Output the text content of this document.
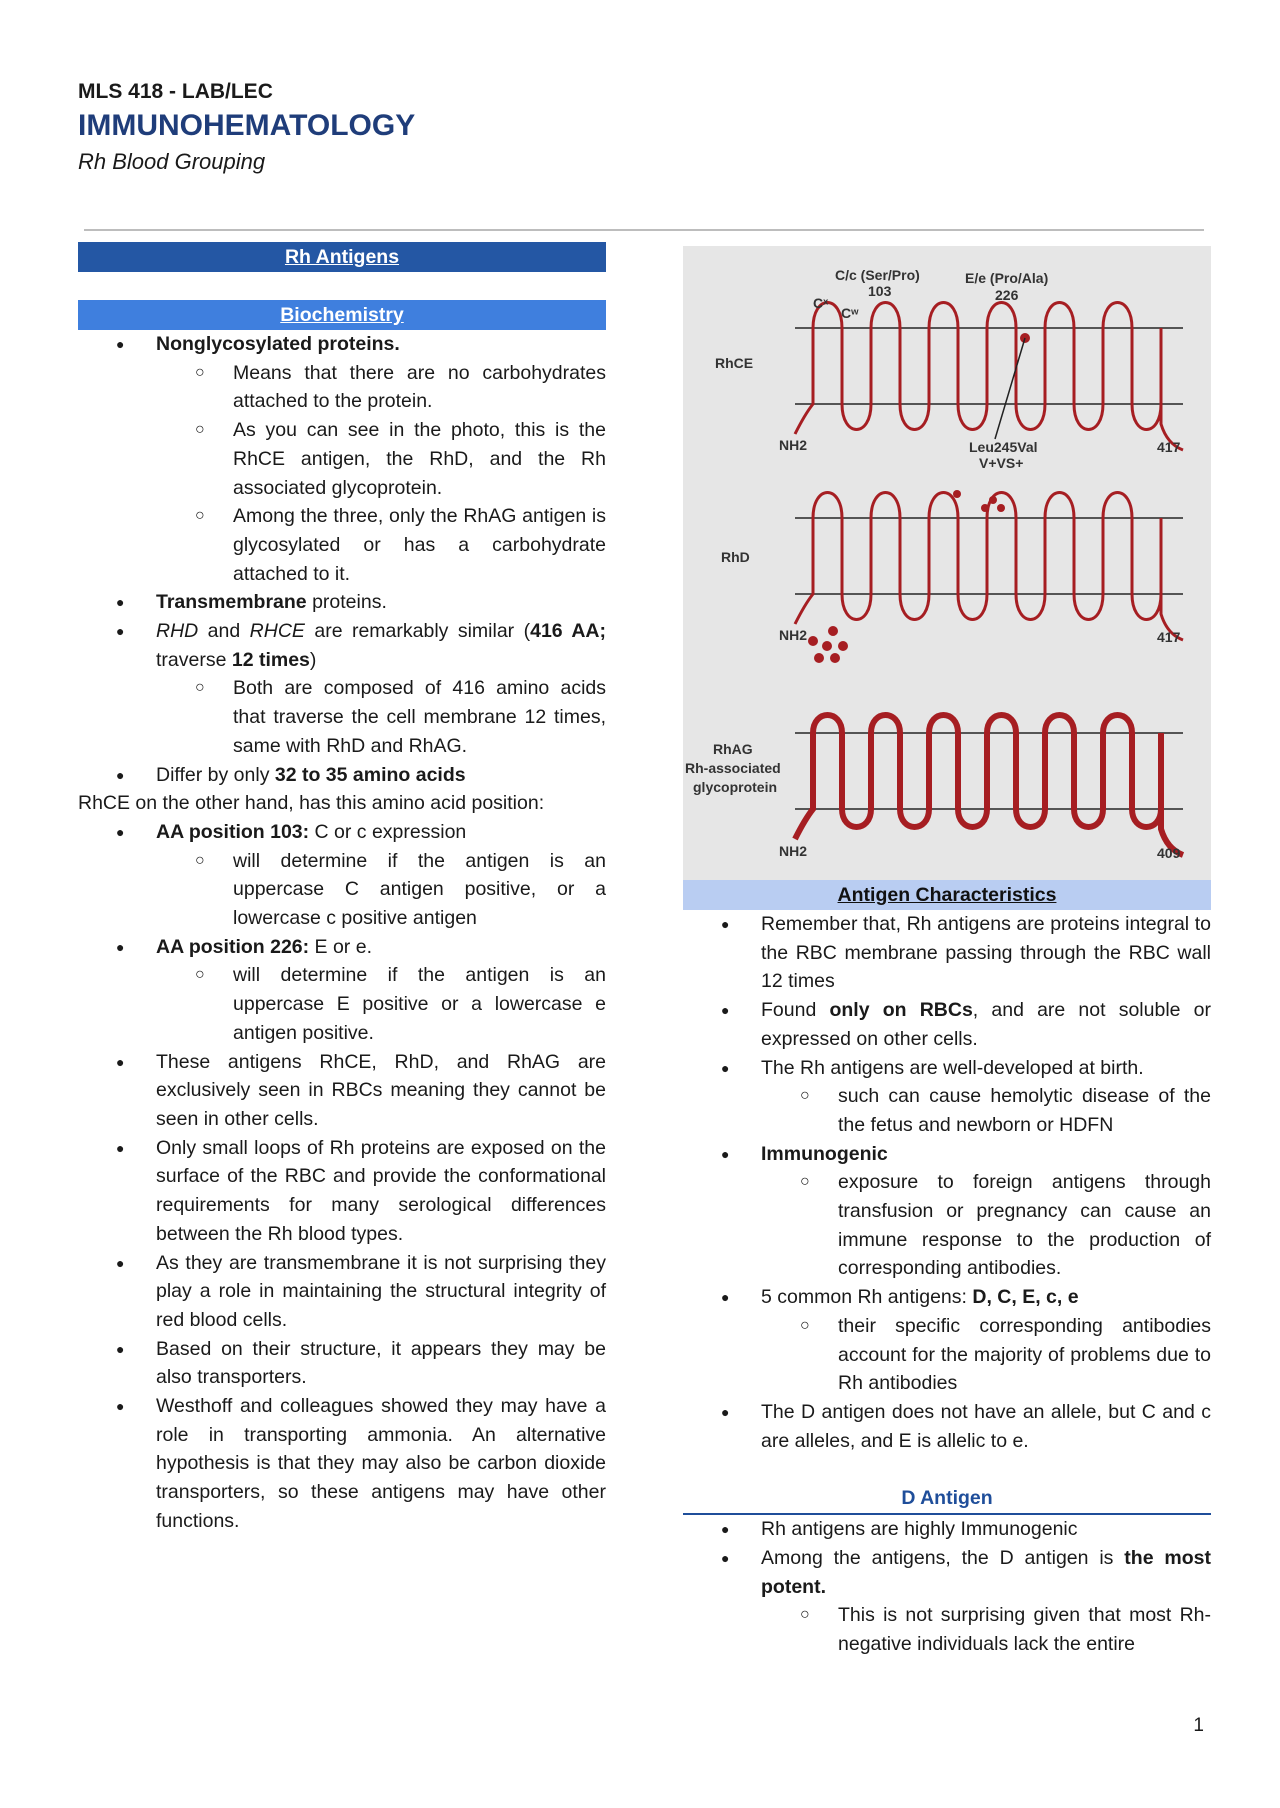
MLS 418 - LAB/LEC

IMMUNOHEMATOLOGY

Rh Blood Grouping

Rh Antigens
Biochemistry
● Nonglycosylated proteins.
○ Means that there are no carbohydrates attached to the protein.
○ As you can see in the photo, this is the RhCE antigen, the RhD, and the Rh associated glycoprotein.
○ Among the three, only the RhAG antigen is glycosylated or has a carbohydrate attached to it.
● Transmembrane proteins.
● RHD and RHCE are remarkably similar (416 AA; traverse 12 times)
○ Both are composed of 416 amino acids that traverse the cell membrane 12 times, same with RhD and RhAG.
● Differ by only 32 to 35 amino acids
RhCE on the other hand, has this amino acid position:
● AA position 103: C or c expression
○ will determine if the antigen is an uppercase C antigen positive, or a lowercase c positive antigen
● AA position 226: E or e.
○ will determine if the antigen is an uppercase E positive or a lowercase e antigen positive.
● These antigens RhCE, RhD, and RhAG are exclusively seen in RBCs meaning they cannot be seen in other cells.
● Only small loops of Rh proteins are exposed on the surface of the RBC and provide the conformational requirements for many serological differences between the Rh blood types.
● As they are transmembrane it is not surprising they play a role in maintaining the structural integrity of red blood cells.
● Based on their structure, it appears they may be also transporters.
● Westhoff and colleagues showed they may have a role in transporting ammonia. An alternative hypothesis is that they may also be carbon dioxide transporters, so these antigens may have other functions.
C/c (Ser/Pro)
103
E/e (Pro/Ala)
226
Cˣ
Cʷ
RhCE
Leu245Val
V+VS+
RhD
RhAG
Rh-associated
glycoprotein
NH2
NH2
NH2
417
417
409
Antigen Characteristics
● Remember that, Rh antigens are proteins integral to the RBC membrane passing through the RBC wall 12 times
● Found only on RBCs, and are not soluble or expressed on other cells.
● The Rh antigens are well-developed at birth.
○ such can cause hemolytic disease of the the fetus and newborn or HDFN
● Immunogenic
○ exposure to foreign antigens through transfusion or pregnancy can cause an immune response to the production of corresponding antibodies.
● 5 common Rh antigens: D, C, E, c, e
○ their specific corresponding antibodies account for the majority of problems due to Rh antibodies
● The D antigen does not have an allele, but C and c are alleles, and E is allelic to e.
D Antigen
● Rh antigens are highly Immunogenic
● Among the antigens, the D antigen is the most potent.
○ This is not surprising given that most Rh-negative individuals lack the entire
1
